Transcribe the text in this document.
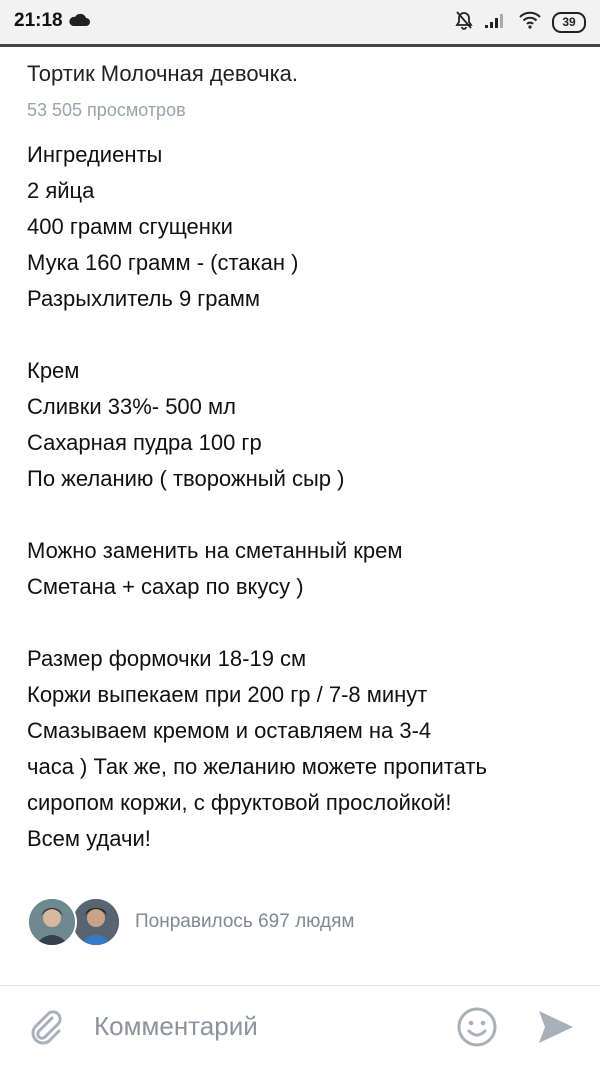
21:18	39
Тортик Молочная девочка.
53 505 просмотров
Ингредиенты
2 яйца
400 грамм сгущенки
Мука 160 грамм - (стакан )
Разрыхлитель 9 грамм
Крем
Сливки 33%- 500 мл
Сахарная пудра 100 гр
По желанию ( творожный сыр )
Можно заменить на сметанный крем
Сметана + сахар по вкусу )
Размер формочки 18-19 см
Коржи выпекаем при 200 гр / 7-8 минут
Смазываем кремом и оставляем на 3-4
часа ) Так же, по желанию можете пропитать
сиропом коржи, с фруктовой прослойкой!
Всем удачи!
Понравилось 697 людям
Комментарий
